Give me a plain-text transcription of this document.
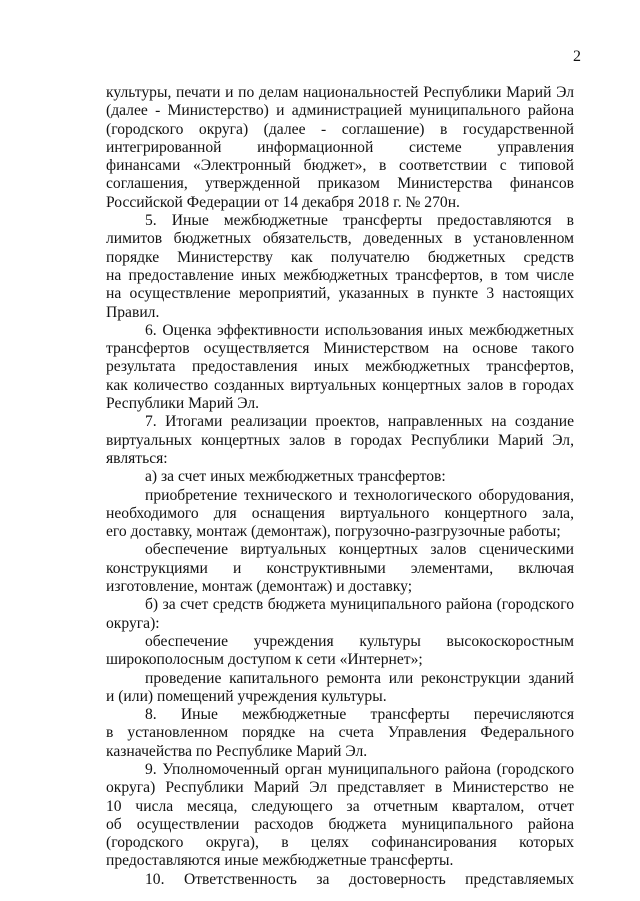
2
культуры, печати и по делам национальностей Республики Марий Эл
(далее - Министерство) и администрацией муниципального района
(городского округа) (далее - соглашение) в государственной
интегрированной информационной системе управления
финансами «Электронный бюджет», в соответствии с типовой
соглашения, утвержденной приказом Министерства финансов
Российской Федерации от 14 декабря 2018 г. № 270н.
5. Иные межбюджетные трансферты предоставляются в
лимитов бюджетных обязательств, доведенных в установленном
порядке Министерству как получателю бюджетных средств
на предоставление иных межбюджетных трансфертов, в том числе
на осуществление мероприятий, указанных в пункте 3 настоящих
Правил.
6. Оценка эффективности использования иных межбюджетных
трансфертов осуществляется Министерством на основе такого
результата предоставления иных межбюджетных трансфертов,
как количество созданных виртуальных концертных залов в городах
Республики Марий Эл.
7. Итогами реализации проектов, направленных на создание
виртуальных концертных залов в городах Республики Марий Эл,
являться:
а) за счет иных межбюджетных трансфертов:
приобретение технического и технологического оборудования,
необходимого для оснащения виртуального концертного зала,
его доставку, монтаж (демонтаж), погрузочно-разгрузочные работы;
обеспечение виртуальных концертных залов сценическими
конструкциями и конструктивными элементами, включая
изготовление, монтаж (демонтаж) и доставку;
б) за счет средств бюджета муниципального района (городского
округа):
обеспечение учреждения культуры высокоскоростным
широкополосным доступом к сети «Интернет»;
проведение капитального ремонта или реконструкции зданий
и (или) помещений учреждения культуры.
8. Иные межбюджетные трансферты перечисляются
в установленном порядке на счета Управления Федерального
казначейства по Республике Марий Эл.
9. Уполномоченный орган муниципального района (городского
округа) Республики Марий Эл представляет в Министерство не
10 числа месяца, следующего за отчетным кварталом, отчет
об осуществлении расходов бюджета муниципального района
(городского округа), в целях софинансирования которых
предоставляются иные межбюджетные трансферты.
10. Ответственность за достоверность представляемых
